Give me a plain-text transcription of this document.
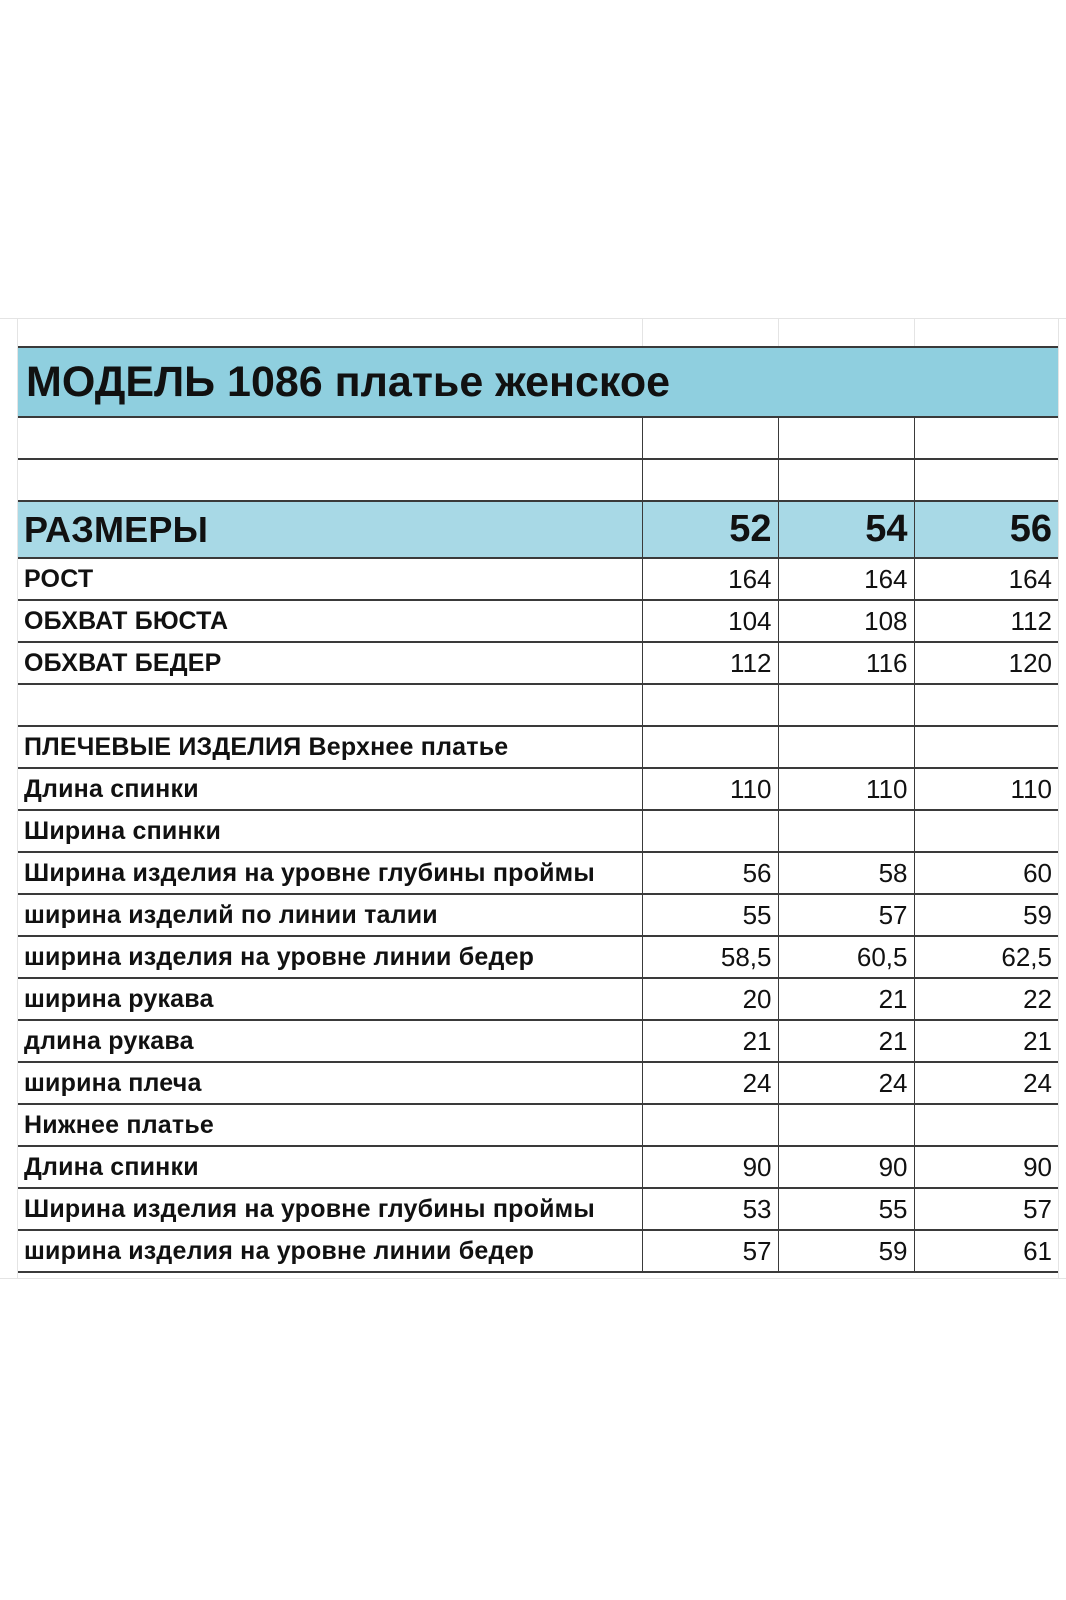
МОДЕЛЬ 1086 платье женское			

РАЗМЕРЫ	52	54	56
РОСТ	164	164	164
ОБХВАТ БЮСТА	104	108	112
ОБХВАТ БЕДЕР	112	116	120

ПЛЕЧЕВЫЕ ИЗДЕЛИЯ Верхнее платье			
Длина спинки	110	110	110
Ширина спинки			
Ширина изделия на уровне глубины проймы	56	58	60
ширина изделий по линии талии	55	57	59
ширина изделия на уровне линии бедер	58,5	60,5	62,5
ширина рукава	20	21	22
длина рукава	21	21	21
ширина плеча	24	24	24
Нижнее платье			
Длина спинки	90	90	90
Ширина изделия на уровне глубины проймы	53	55	57
ширина изделия на уровне линии бедер	57	59	61
